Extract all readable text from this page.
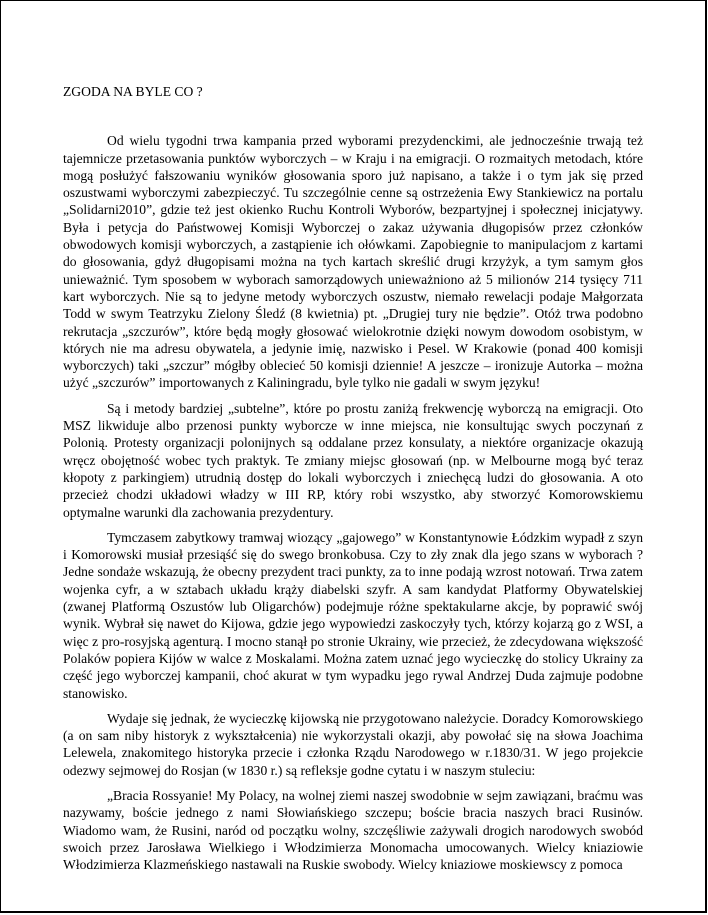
ZGODA NA BYLE CO ?

Od wielu tygodni trwa kampania przed wyborami prezydenckimi, ale jednocześnie trwają też tajemnicze przetasowania punktów wyborczych – w Kraju i na emigracji. O rozmaitych metodach, które mogą posłużyć fałszowaniu wyników głosowania sporo już napisano, a także i o tym jak się przed oszustwami wyborczymi zabezpieczyć. Tu szczególnie cenne są ostrzeżenia Ewy Stankiewicz na portalu „Solidarni2010”, gdzie też jest okienko Ruchu Kontroli Wyborów, bezpartyjnej i społecznej inicjatywy. Była i petycja do Państwowej Komisji Wyborczej o zakaz używania długopisów przez członków obwodowych komisji wyborczych, a zastąpienie ich ołówkami. Zapobiegnie to manipulacjom z kartami do głosowania, gdyż długopisami można na tych kartach skreślić drugi krzyżyk, a tym samym głos unieważnić. Tym sposobem w wyborach samorządowych unieważniono aż 5 milionów 214 tysięcy 711 kart wyborczych. Nie są to jedyne metody wyborczych oszustw, niemało rewelacji podaje Małgorzata Todd w swym Teatrzyku Zielony Śledź (8 kwietnia) pt. „Drugiej tury nie będzie”. Otóż trwa podobno rekrutacja „szczurów”, które będą mogły głosować wielokrotnie dzięki nowym dowodom osobistym, w których nie ma adresu obywatela, a jedynie imię, nazwisko i Pesel. W Krakowie (ponad 400 komisji wyborczych) taki „szczur” mógłby oblecieć 50 komisji dziennie! A jeszcze – ironizuje Autorka – można użyć „szczurów” importowanych z Kaliningradu, byle tylko nie gadali w swym języku!

Są i metody bardziej „subtelne”, które po prostu zaniżą frekwencję wyborczą na emigracji. Oto MSZ likwiduje albo przenosi punkty wyborcze w inne miejsca, nie konsultując swych poczynań z Polonią. Protesty organizacji polonijnych są oddalane przez konsulaty, a niektóre organizacje okazują wręcz obojętność wobec tych praktyk. Te zmiany miejsc głosowań (np. w Melbourne mogą być teraz kłopoty z parkingiem) utrudnią dostęp do lokali wyborczych i zniechęcą ludzi do głosowania. A oto przecież chodzi układowi władzy w III RP, który robi wszystko, aby stworzyć Komorowskiemu optymalne warunki dla zachowania prezydentury.

Tymczasem zabytkowy tramwaj wiozący „gajowego” w Konstantynowie Łódzkim wypadł z szyn i Komorowski musiał przesiąść się do swego bronkobusa. Czy to zły znak dla jego szans w wyborach ? Jedne sondaże wskazują, że obecny prezydent traci punkty, za to inne podają wzrost notowań. Trwa zatem wojenka cyfr, a w sztabach układu krąży diabelski szyfr. A sam kandydat Platformy Obywatelskiej (zwanej Platformą Oszustów lub Oligarchów) podejmuje różne spektakularne akcje, by poprawić swój wynik. Wybrał się nawet do Kijowa, gdzie jego wypowiedzi zaskoczyły tych, którzy kojarzą go z WSI, a więc z pro-rosyjską agenturą. I mocno stanął po stronie Ukrainy, wie przecież, że zdecydowana większość Polaków popiera Kijów w walce z Moskalami. Można zatem uznać jego wycieczkę do stolicy Ukrainy za część jego wyborczej kampanii, choć akurat w tym wypadku jego rywal Andrzej Duda zajmuje podobne stanowisko.

Wydaje się jednak, że wycieczkę kijowską nie przygotowano należycie. Doradcy Komorowskiego (a on sam niby historyk z wykształcenia) nie wykorzystali okazji, aby powołać się na słowa Joachima Lelewela, znakomitego historyka przecie i członka Rządu Narodowego w r.1830/31. W jego projekcie odezwy sejmowej do Rosjan (w 1830 r.) są refleksje godne cytatu i w naszym stuleciu:

„Bracia Rossyanie! My Polacy, na wolnej ziemi naszej swodobnie w sejm zawiązani, braćmu was nazywamy, boście jednego z nami Słowiańskiego szczepu; boście bracia naszych braci Rusinów. Wiadomo wam, że Rusini, naród od początku wolny, szczęśliwie zażywali drogich narodowych swobód swoich przez Jarosława Wielkiego i Włodzimierza Monomacha umocowanych. Wielcy kniaziowie Włodzimierza Klazmeńskiego nastawali na Ruskie swobody. Wielcy kniaziowe moskiewscy z pomoca
